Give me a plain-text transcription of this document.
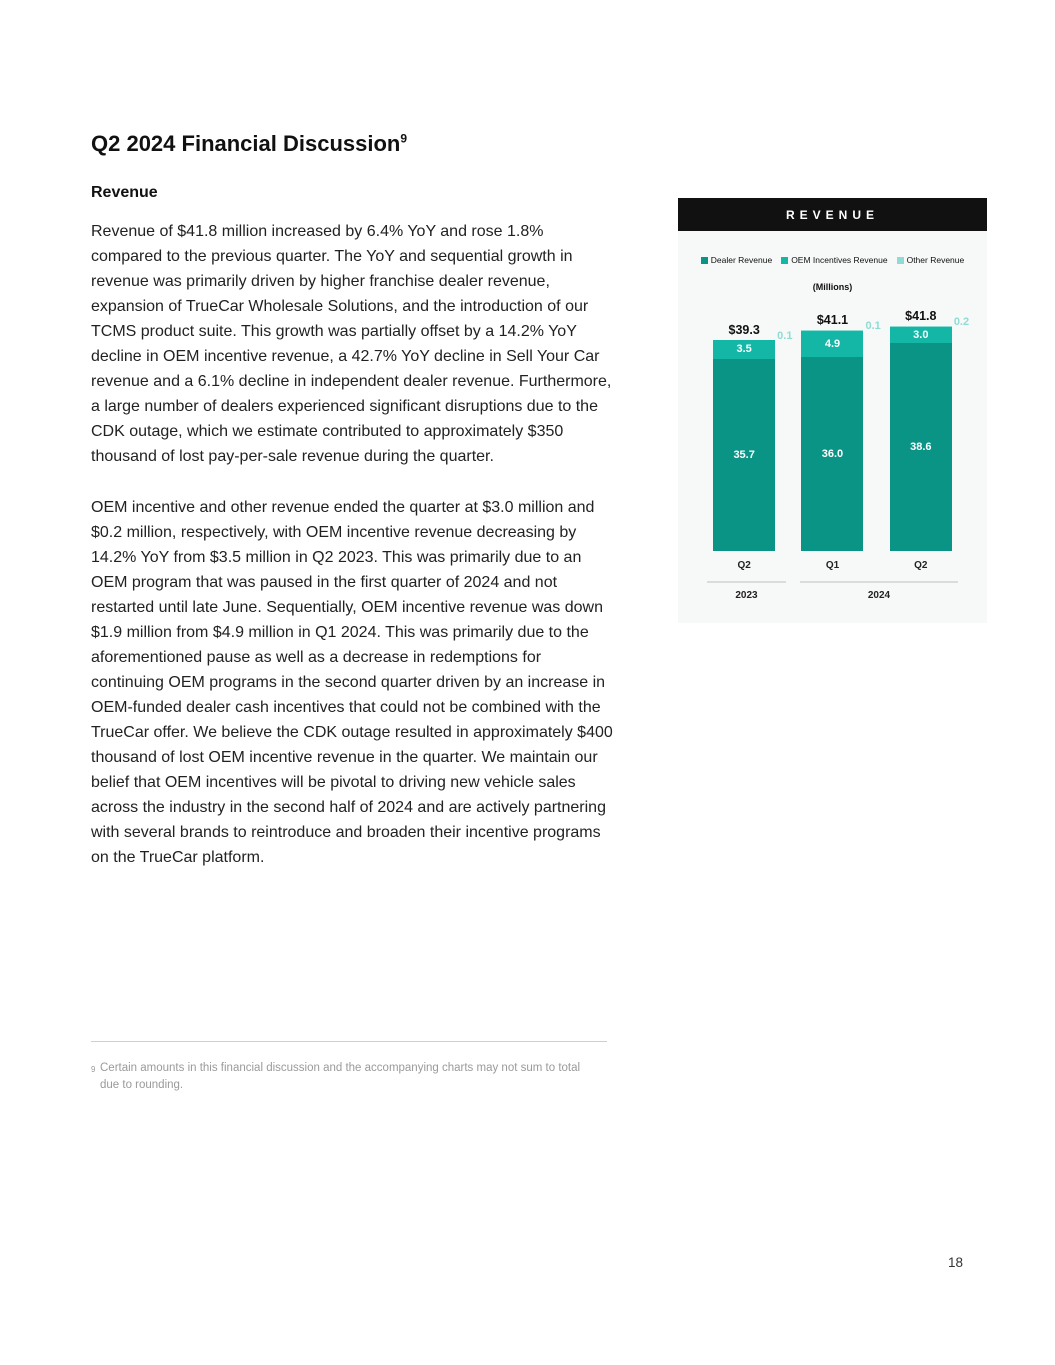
Q2 2024 Financial Discussion$^9$
Revenue

Revenue of $41.8 million increased by 6.4% YoY and rose 1.8% compared to the previous quarter. The YoY and sequential growth in revenue was primarily driven by higher franchise dealer revenue, expansion of TrueCar Wholesale Solutions, and the introduction of our TCMS product suite. This growth was partially offset by a 14.2% YoY decline in OEM incentive revenue, a 42.7% YoY decline in Sell Your Car revenue and a 6.1% decline in independent dealer revenue. Furthermore, a large number of dealers experienced significant disruptions due to the CDK outage, which we estimate contributed to approximately $350 thousand of lost pay-per-sale revenue during the quarter.

OEM incentive and other revenue ended the quarter at $3.0 million and $0.2 million, respectively, with OEM incentive revenue decreasing by 14.2% YoY from $3.5 million in Q2 2023. This was primarily due to an OEM program that was paused in the first quarter of 2024 and not restarted until late June. Sequentially, OEM incentive revenue was down $1.9 million from $4.9 million in Q1 2024. This was primarily due to the aforementioned pause as well as a decrease in redemptions for continuing OEM programs in the second quarter driven by an increase in OEM-funded dealer cash incentives that could not be combined with the TrueCar offer. We believe the CDK outage resulted in approximately $400 thousand of lost OEM incentive revenue in the quarter. We maintain our belief that OEM incentives will be pivotal to driving new vehicle sales across the industry in the second half of 2024 and are actively partnering with several brands to reintroduce and broaden their incentive programs on the TrueCar platform.

REVENUE
Dealer Revenue OEM Incentives Revenue Other Revenue
(Millions)
$39.3
3.5
35.7
0.1
$41.1
4.9
36.0
0.1
$41.8
3.0
38.6
0.2
Q2	Q1	Q2
2023	2024
9 Certain amounts in this financial discussion and the accompanying charts may not sum to total due to rounding.
18
